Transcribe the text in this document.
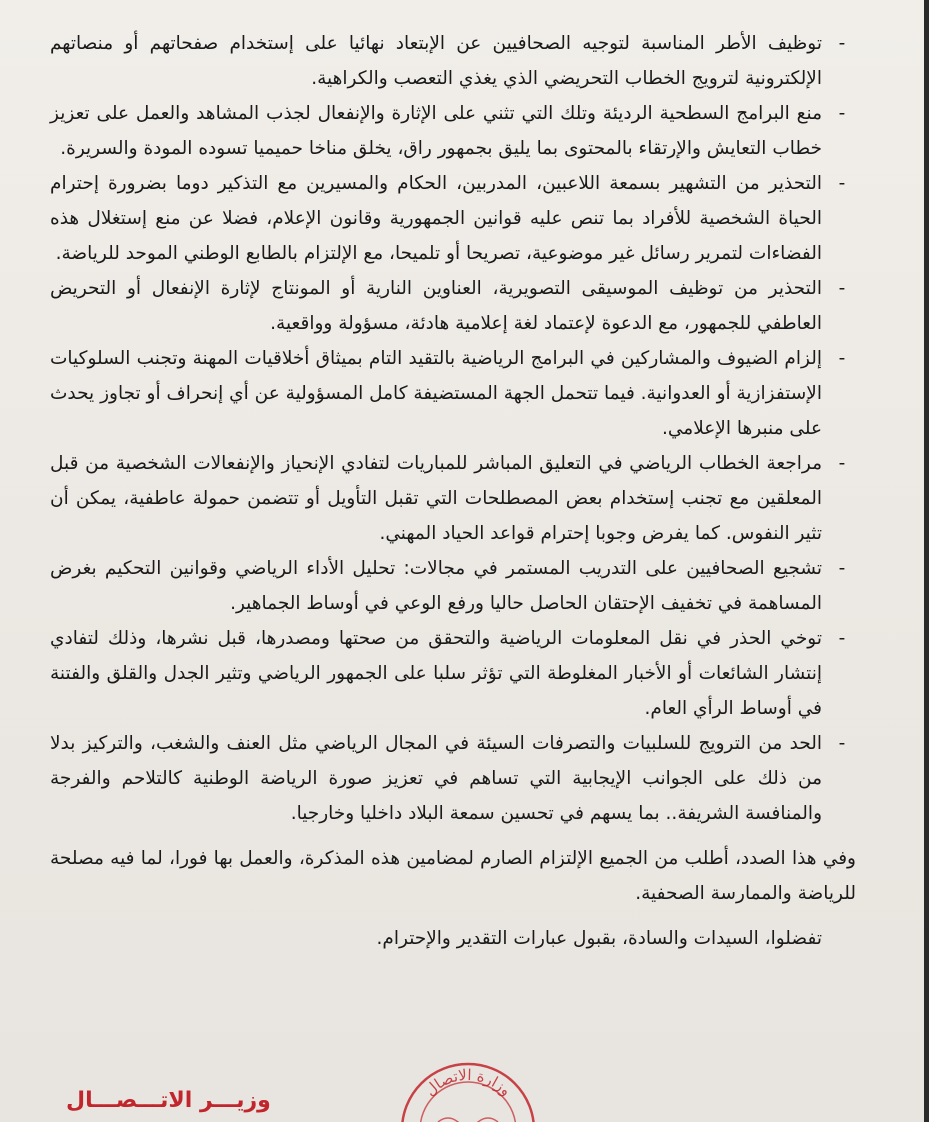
-
توظيف الأطر المناسبة لتوجيه الصحافيين عن الإبتعاد نهائيا على إستخدام صفحاتهم أو منصاتهم الإلكترونية لترويج الخطاب التحريضي الذي يغذي التعصب والكراهية.
-
منع البرامج السطحية الرديئة وتلك التي تثني على الإثارة والإنفعال لجذب المشاهد والعمل على تعزيز خطاب التعايش والإرتقاء بالمحتوى بما يليق بجمهور راق، يخلق مناخا حميميا تسوده المودة والسريرة.
-
التحذير من التشهير بسمعة اللاعبين، المدربين، الحكام والمسيرين مع التذكير دوما بضرورة إحترام الحياة الشخصية للأفراد بما تنص عليه قوانين الجمهورية وقانون الإعلام، فضلا عن منع إستغلال هذه الفضاءات لتمرير رسائل غير موضوعية، تصريحا أو تلميحا، مع الإلتزام بالطابع الوطني الموحد للرياضة.
-
التحذير من توظيف الموسيقى التصويرية، العناوين النارية أو المونتاج لإثارة الإنفعال أو التحريض العاطفي للجمهور، مع الدعوة لإعتماد لغة إعلامية هادئة، مسؤولة وواقعية.
-
إلزام الضيوف والمشاركين في البرامج الرياضية بالتقيد التام بميثاق أخلاقيات المهنة وتجنب السلوكيات الإستفزازية أو العدوانية. فيما تتحمل الجهة المستضيفة كامل المسؤولية عن أي إنحراف أو تجاوز يحدث على منبرها الإعلامي.
-
مراجعة الخطاب الرياضي في التعليق المباشر للمباريات لتفادي الإنحياز والإنفعالات الشخصية من قبل المعلقين مع تجنب إستخدام بعض المصطلحات التي تقبل التأويل أو تتضمن حمولة عاطفية، يمكن أن تثير النفوس. كما يفرض وجوبا إحترام قواعد الحياد المهني.
-
تشجيع الصحافيين على التدريب المستمر في مجالات: تحليل الأداء الرياضي وقوانين التحكيم بغرض المساهمة في تخفيف الإحتقان الحاصل حاليا ورفع الوعي في أوساط الجماهير.
-
توخي الحذر في نقل المعلومات الرياضية والتحقق من صحتها ومصدرها، قبل نشرها، وذلك لتفادي إنتشار الشائعات أو الأخبار المغلوطة التي تؤثر سلبا على الجمهور الرياضي وتثير الجدل والقلق والفتنة في أوساط الرأي العام.
-
الحد من الترويج للسلبيات والتصرفات السيئة في المجال الرياضي مثل العنف والشغب، والتركيز بدلا من ذلك على الجوانب الإيجابية التي تساهم في تعزيز صورة الرياضة الوطنية كالتلاحم والفرجة والمنافسة الشريفة.. بما يسهم في تحسين سمعة البلاد داخليا وخارجيا.

وفي هذا الصدد، أطلب من الجميع الإلتزام الصارم لمضامين هذه المذكرة، والعمل بها فورا، لما فيه مصلحة للرياضة والممارسة الصحفية.

تفضلوا، السيدات والسادة، بقبول عبارات التقدير والإحترام.

وزيـــر الاتـــصـــال	وزارة الاتصال
